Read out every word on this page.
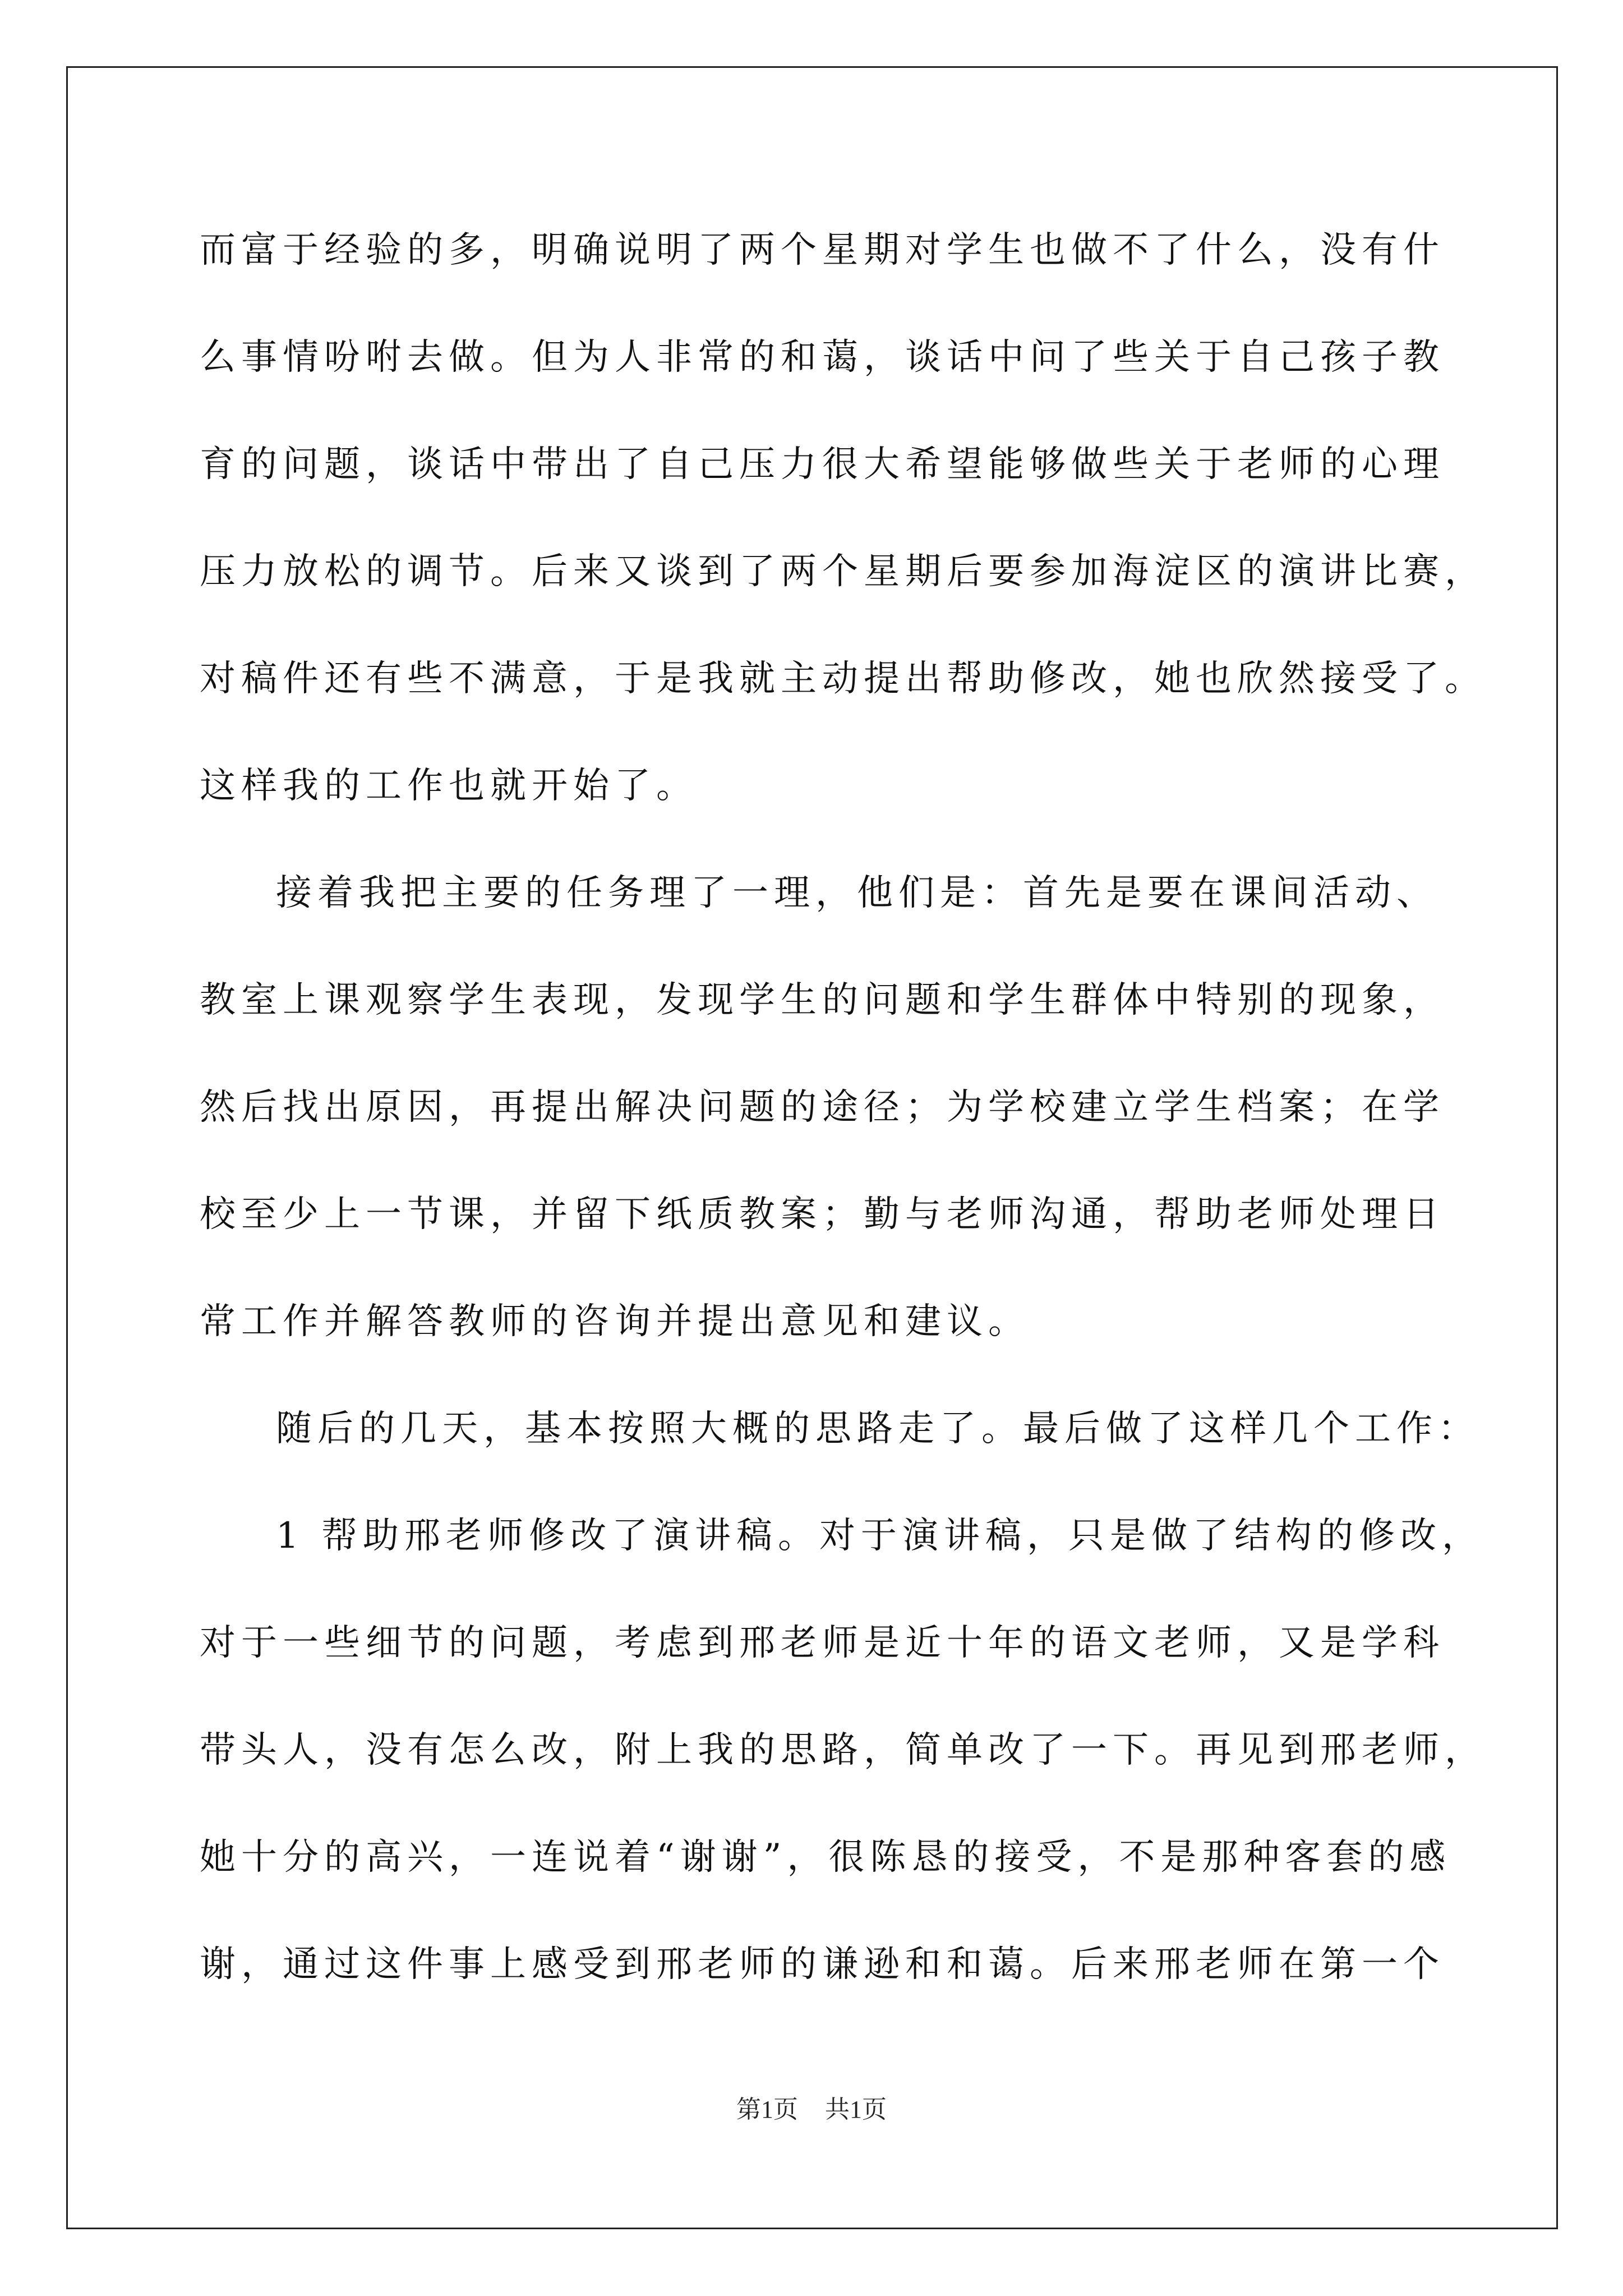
而富于经验的多，明确说明了两个星期对学生也做不了什么，没有什
么事情吩咐去做。但为人非常的和蔼，谈话中问了些关于自己孩子教
育的问题，谈话中带出了自己压力很大希望能够做些关于老师的心理
压力放松的调节。后来又谈到了两个星期后要参加海淀区的演讲比赛，
对稿件还有些不满意，于是我就主动提出帮助修改，她也欣然接受了。
这样我的工作也就开始了。
接着我把主要的任务理了一理，他们是：首先是要在课间活动、
教室上课观察学生表现，发现学生的问题和学生群体中特别的现象，
然后找出原因，再提出解决问题的途径；为学校建立学生档案；在学
校至少上一节课，并留下纸质教案；勤与老师沟通，帮助老师处理日
常工作并解答教师的咨询并提出意见和建议。
随后的几天，基本按照大概的思路走了。最后做了这样几个工作：
1 帮助邢老师修改了演讲稿。对于演讲稿，只是做了结构的修改，
对于一些细节的问题，考虑到邢老师是近十年的语文老师，又是学科
带头人，没有怎么改，附上我的思路，简单改了一下。再见到邢老师，
她十分的高兴，一连说着“谢谢”，很陈恳的接受，不是那种客套的感
谢，通过这件事上感受到邢老师的谦逊和和蔼。后来邢老师在第一个
第1页 共1页
